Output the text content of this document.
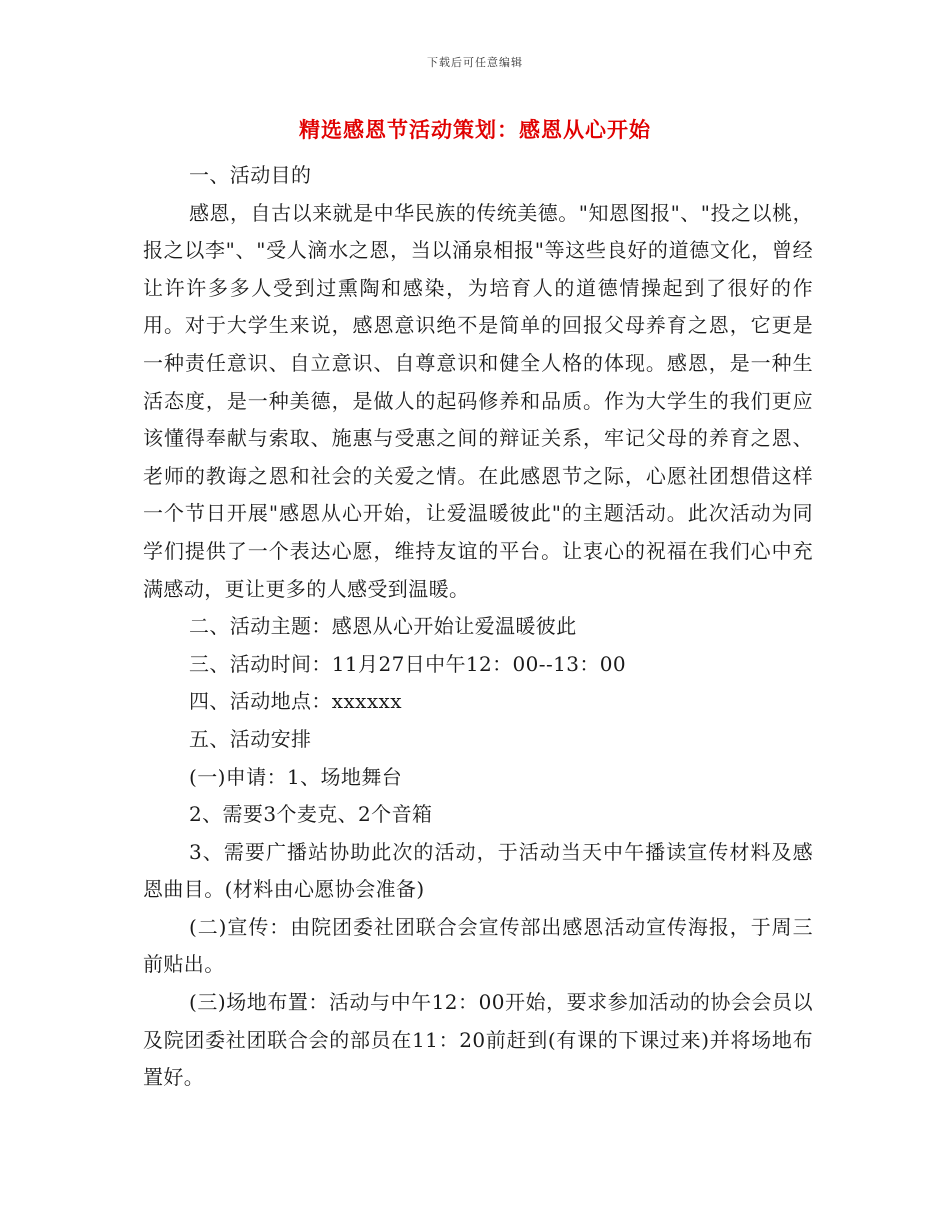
下载后可任意编辑
精选感恩节活动策划：感恩从心开始

一、活动目的

感恩，自古以来就是中华民族的传统美德。"知恩图报"、"投之以桃，报之以李"、"受人滴水之恩，当以涌泉相报"等这些良好的道德文化，曾经让许许多多人受到过熏陶和感染，为培育人的道德情操起到了很好的作用。对于大学生来说，感恩意识绝不是简单的回报父母养育之恩，它更是一种责任意识、自立意识、自尊意识和健全人格的体现。感恩，是一种生活态度，是一种美德，是做人的起码修养和品质。作为大学生的我们更应该懂得奉献与索取、施惠与受惠之间的辩证关系，牢记父母的养育之恩、老师的教诲之恩和社会的关爱之情。在此感恩节之际，心愿社团想借这样一个节日开展"感恩从心开始，让爱温暖彼此"的主题活动。此次活动为同学们提供了一个表达心愿，维持友谊的平台。让衷心的祝福在我们心中充满感动，更让更多的人感受到温暖。

二、活动主题：感恩从心开始让爱温暖彼此

三、活动时间：11月27日中午12：00--13：00

四、活动地点：xxxxxx

五、活动安排

(一)申请：1、场地舞台

2、需要3个麦克、2个音箱

3、需要广播站协助此次的活动，于活动当天中午播读宣传材料及感恩曲目。(材料由心愿协会准备)

(二)宣传：由院团委社团联合会宣传部出感恩活动宣传海报，于周三前贴出。

(三)场地布置：活动与中午12：00开始，要求参加活动的协会会员以及院团委社团联合会的部员在11：20前赶到(有课的下课过来)并将场地布置好。
